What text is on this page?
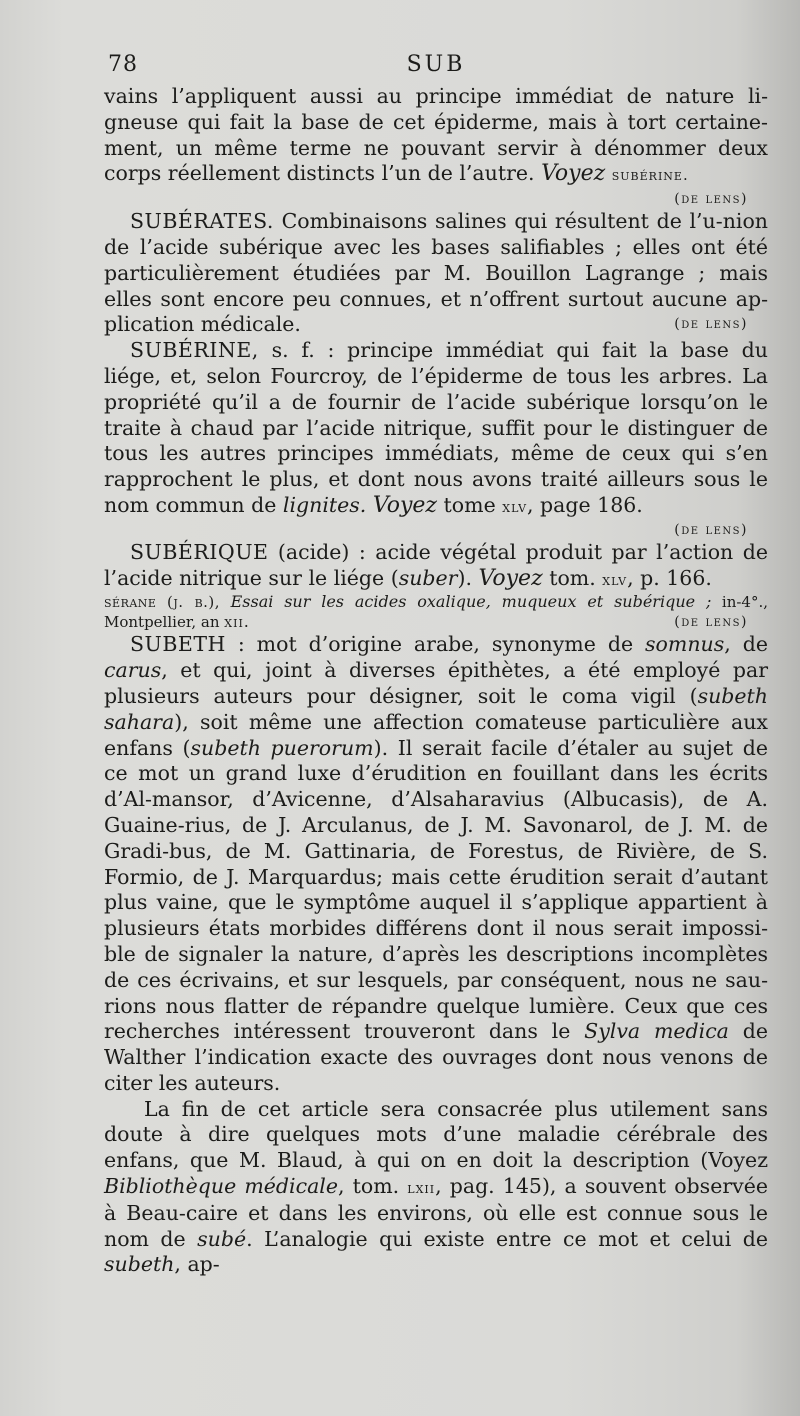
78	SUB

vains l’appliquent aussi au principe immédiat de nature li-gneuse qui fait la base de cet épiderme, mais à tort certaine-ment, un même terme ne pouvant servir à dénommer deux corps réellement distincts l’un de l’autre. Voyez subérine.

(de lens)

SUBÉRATES. Combinaisons salines qui résultent de l’u-nion de l’acide subérique avec les bases salifiables ; elles ont été particulièrement étudiées par M. Bouillon Lagrange ; mais elles sont encore peu connues, et n’offrent surtout aucune ap-plication médicale.	(de lens)

SUBÉRINE, s. f. : principe immédiat qui fait la base du liége, et, selon Fourcroy, de l’épiderme de tous les arbres. La propriété qu’il a de fournir de l’acide subérique lorsqu’on le traite à chaud par l’acide nitrique, suffit pour le distinguer de tous les autres principes immédiats, même de ceux qui s’en rapprochent le plus, et dont nous avons traité ailleurs sous le nom commun de lignites. Voyez tome xlv, page 186.

(de lens)

SUBÉRIQUE (acide) : acide végétal produit par l’action de l’acide nitrique sur le liége (suber). Voyez tom. xlv, p. 166.

sérane (j. b.), Essai sur les acides oxalique, muqueux et subérique ; in-4°., Montpellier, an xii.	(de lens)

SUBETH : mot d’origine arabe, synonyme de somnus, de carus, et qui, joint à diverses épithètes, a été employé par plusieurs auteurs pour désigner, soit le coma vigil (subeth sahara), soit même une affection comateuse particulière aux enfans (subeth puerorum). Il serait facile d’étaler au sujet de ce mot un grand luxe d’érudition en fouillant dans les écrits d’Al-mansor, d’Avicenne, d’Alsaharavius (Albucasis), de A. Guaine-rius, de J. Arculanus, de J. M. Savonarol, de J. M. de Gradi-bus, de M. Gattinaria, de Forestus, de Rivière, de S. Formio, de J. Marquardus; mais cette érudition serait d’autant plus vaine, que le symptôme auquel il s’applique appartient à plusieurs états morbides différens dont il nous serait impossi-ble de signaler la nature, d’après les descriptions incomplètes de ces écrivains, et sur lesquels, par conséquent, nous ne sau-rions nous flatter de répandre quelque lumière. Ceux que ces recherches intéressent trouveront dans le Sylva medica de Walther l’indication exacte des ouvrages dont nous venons de citer les auteurs.

La fin de cet article sera consacrée plus utilement sans doute à dire quelques mots d’une maladie cérébrale des enfans, que M. Blaud, à qui on en doit la description (Voyez Bibliothèque médicale, tom. lxii, pag. 145), a souvent observée à Beau-caire et dans les environs, où elle est connue sous le nom de subé. L’analogie qui existe entre ce mot et celui de subeth, ap-
